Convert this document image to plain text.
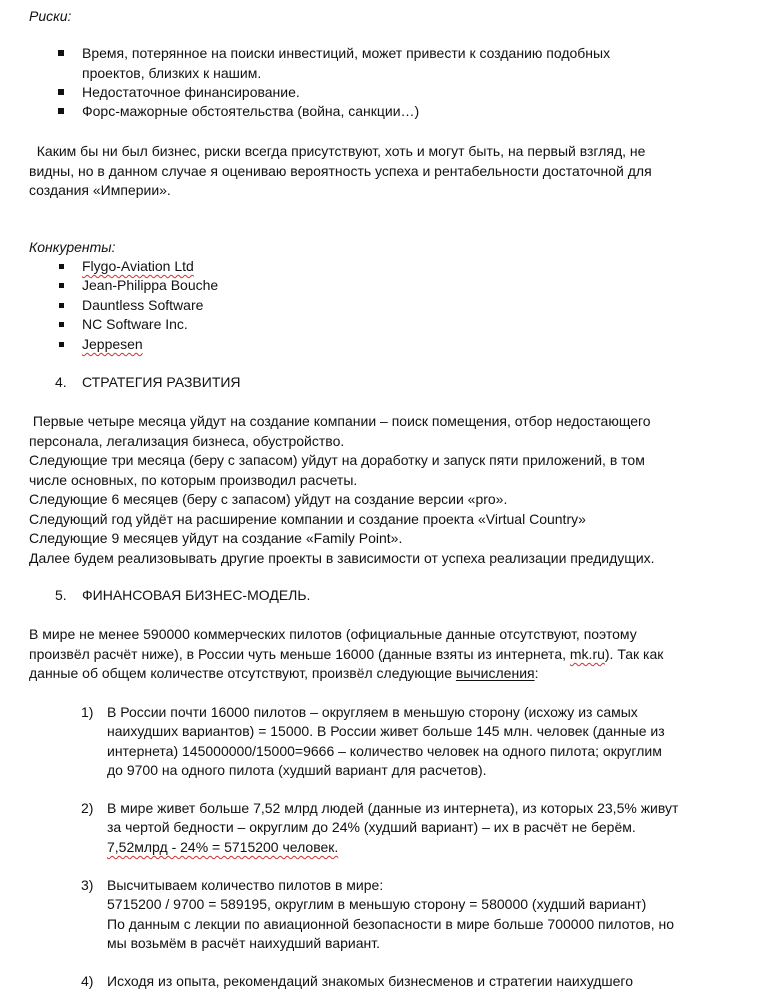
Риски:
Время, потерянное на поиски инвестиций, может привести к созданию подобных
проектов, близких к нашим.
Недостаточное финансирование.
Форс-мажорные обстоятельства (война, санкции…)
Каким бы ни был бизнес, риски всегда присутствуют, хоть и могут быть, на первый взгляд, не
видны, но в данном случае я оцениваю вероятность успеха и рентабельности достаточной для
создания «Империи».
Конкуренты:
Flygo-Aviation Ltd
Jean-Philippa Bouche
Dauntless Software
NC Software Inc.
Jeppesen
4. СТРАТЕГИЯ РАЗВИТИЯ
Первые четыре месяца уйдут на создание компании – поиск помещения, отбор недостающего
персонала, легализация бизнеса, обустройство.
Следующие три месяца (беру с запасом) уйдут на доработку и запуск пяти приложений, в том
числе основных, по которым производил расчеты.
Следующие 6 месяцев (беру с запасом) уйдут на создание версии «pro».
Следующий год уйдёт на расширение компании и создание проекта «Virtual Country»
Следующие 9 месяцев уйдут на создание «Family Point».
Далее будем реализовывать другие проекты в зависимости от успеха реализации предидущих.
5. ФИНАНСОВАЯ БИЗНЕС-МОДЕЛЬ.
В мире не менее 590000 коммерческих пилотов (официальные данные отсутствуют, поэтому
произвёл расчёт ниже), в России чуть меньше 16000 (данные взяты из интернета, mk.ru). Так как
данные об общем количестве отсутствуют, произвёл следующие вычисления:
1) В России почти 16000 пилотов – округляем в меньшую сторону (исхожу из самых
наихудших вариантов) = 15000. В России живет больше 145 млн. человек (данные из
интернета) 145000000/15000=9666 – количество человек на одного пилота; округлим
до 9700 на одного пилота (худший вариант для расчетов).
2) В мире живет больше 7,52 млрд людей (данные из интернета), из которых 23,5% живут
за чертой бедности – округлим до 24% (худший вариант) – их в расчёт не берём.
7,52млрд - 24% = 5715200 человек.
3) Высчитываем количество пилотов в мире:
5715200 / 9700 = 589195, округлим в меньшую сторону = 580000 (худший вариант)
По данным с лекции по авиационной безопасности в мире больше 700000 пилотов, но
мы возьмём в расчёт наихудший вариант.
4) Исходя из опыта, рекомендаций знакомых бизнесменов и стратегии наихудшего
